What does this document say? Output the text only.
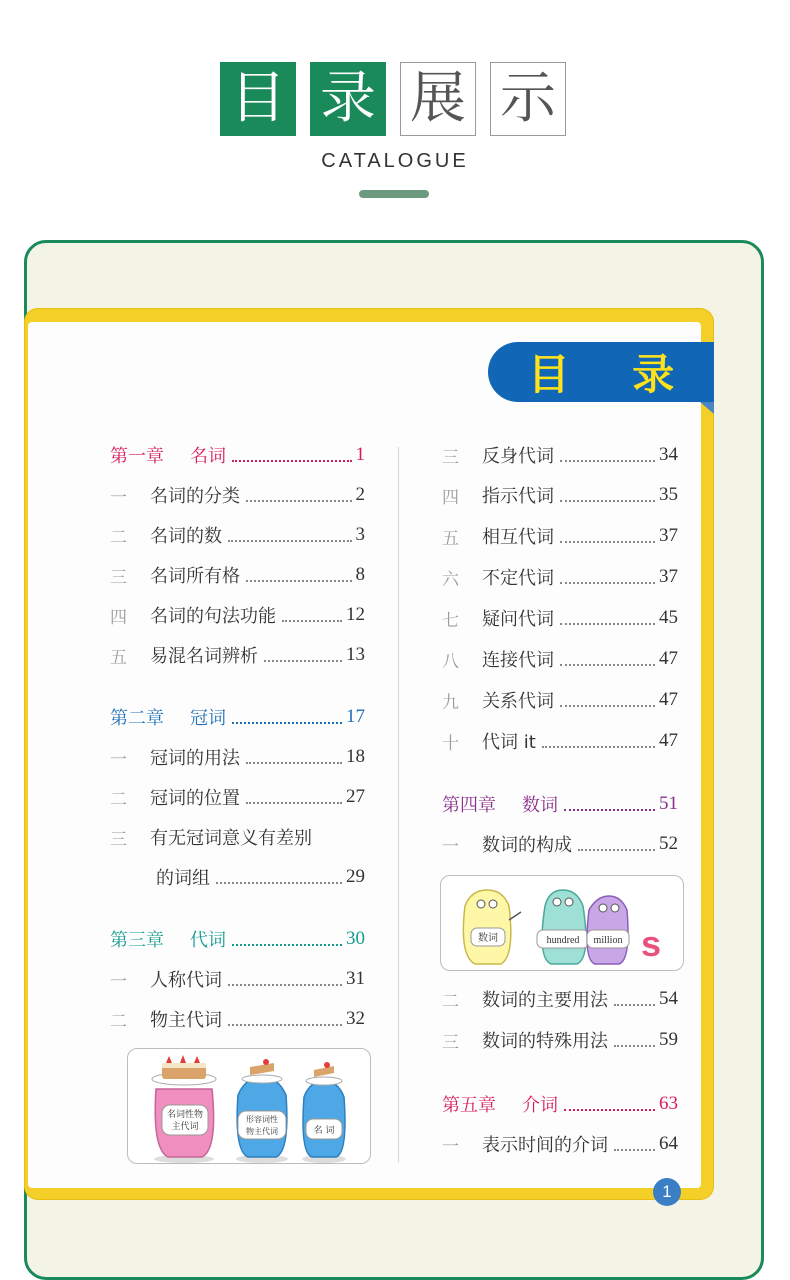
目 录 展 示
CATALOGUE
目 录
第一章 名词	1
一	名词的分类	2
二	名词的数	3
三	名词所有格	8
四	名词的句法功能	12
五	易混名词辨析	13
第二章 冠词	17
一	冠词的用法	18
二	冠词的位置	27
三	有无冠词意义有差别
的词组	29
第三章 代词	30
一	人称代词	31
二	物主代词	32
三	反身代词	34
四	指示代词	35
五	相互代词	37
六	不定代词	37
七	疑问代词	45
八	连接代词	47
九	关系代词	47
十	代词 it	47
第四章 数词	51
一	数词的构成	52
二	数词的主要用法	54
三	数词的特殊用法	59
第五章 介词	63
一	表示时间的介词	64
名词性物
主代词
形容词性
物主代词	名 词
数词	hundred million s
1
